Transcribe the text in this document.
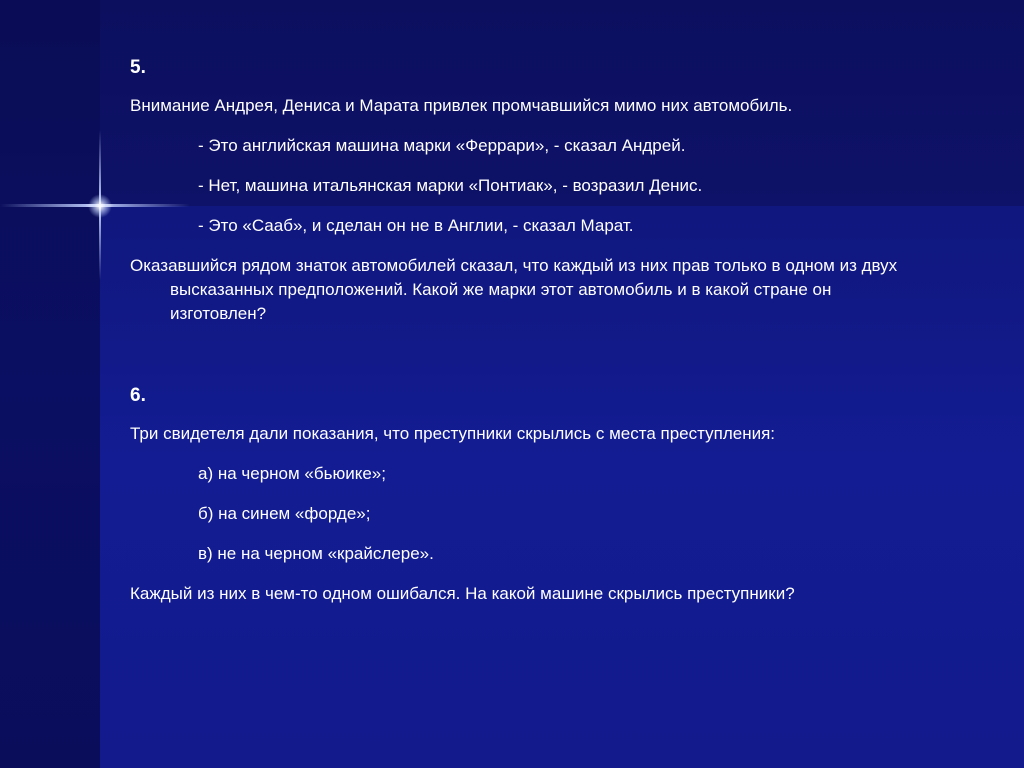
5.
Внимание Андрея, Дениса и Марата привлек промчавшийся мимо них автомобиль.
- Это английская машина марки «Феррари», - сказал Андрей.
- Нет, машина итальянская марки «Понтиак», - возразил Денис.
- Это «Сааб», и сделан он не в Англии, - сказал Марат.
Оказавшийся рядом знаток автомобилей сказал, что каждый из них прав только в одном из двух высказанных предположений. Какой же марки этот автомобиль и в какой стране он изготовлен?
6.
Три свидетеля дали показания, что преступники скрылись с места преступления:
а) на черном «бьюике»;
б) на синем «форде»;
в) не на черном «крайслере».
Каждый из них в чем-то одном ошибался. На какой машине скрылись преступники?
